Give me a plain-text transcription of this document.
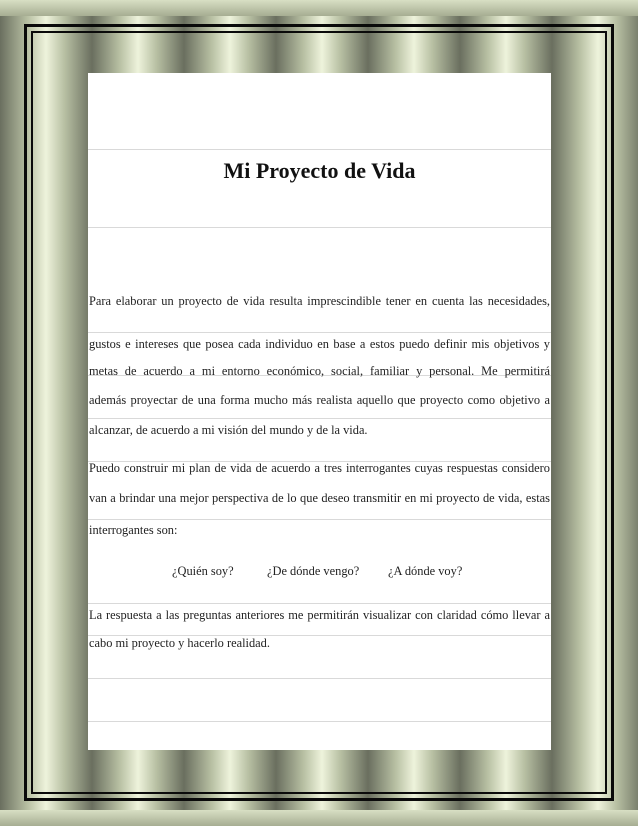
Mi Proyecto de Vida
Para elaborar un proyecto de vida resulta imprescindible tener en cuenta las necesidades,
gustos e intereses que posea cada individuo en base a estos puedo definir mis objetivos y
metas de acuerdo a mi entorno económico, social, familiar y personal. Me permitirá
además proyectar de una forma mucho más realista aquello que proyecto como objetivo a
alcanzar, de acuerdo a mi visión del mundo y de la vida.
Puedo construir mi plan de vida de acuerdo a tres interrogantes cuyas respuestas considero
van a brindar una mejor perspectiva de lo que deseo transmitir en mi proyecto de vida, estas
interrogantes son:
¿Quién soy?	¿De dónde vengo? ¿A dónde voy?
La respuesta a las preguntas anteriores me permitirán visualizar con claridad cómo llevar a
cabo mi proyecto y hacerlo realidad.
